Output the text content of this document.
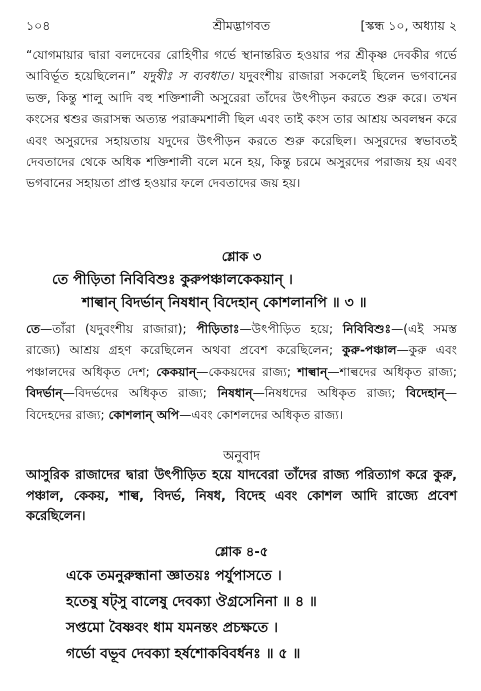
১০৪	শ্রীমদ্ভাগবত	[স্কন্ধ ১০, অধ্যায় ২
“যোগমায়ার দ্বারা বলদেবের রোহিণীর গর্ভে স্থানান্তরিত হওয়ার পর শ্রীকৃষ্ণ দেবকীর গর্ভে আবির্ভূত হয়েছিলেন।” যদুষীঃ স ব্যবধাত। যদুবংশীয় রাজারা সকলেই ছিলেন ভগবানের ভক্ত, কিন্তু শালু আদি বহু শক্তিশালী অসুরেরা তাঁদের উৎপীড়ন করতে শুরু করে। তখন কংসের শ্বশুর জরাসন্ধ অত্যন্ত পরাক্রমশালী ছিল এবং তাই কংস তার আশ্রয় অবলম্বন করে এবং অসুরদের সহায়তায় যদুদের উৎপীড়ন করতে শুরু করেছিল। অসুরদের স্বভাবতই দেবতাদের থেকে অধিক শক্তিশালী বলে মনে হয়, কিন্তু চরমে অসুরদের পরাজয় হয় এবং ভগবানের সহায়তা প্রাপ্ত হওয়ার ফলে দেবতাদের জয় হয়।
শ্লোক ৩
তে পীড়িতা নিবিবিশুঃ কুরুপঞ্চালকেকয়ান্ ।
শাল্বান্ বিদর্ভান্ নিষধান্ বিদেহান্ কোশলানপি ॥ ৩ ॥
তে—তাঁরা (যদুবংশীয় রাজারা); পীড়িতাঃ—উৎপীড়িত হয়ে; নিবিবিশুঃ—(এই সমস্ত রাজ্যে) আশ্রয় গ্রহণ করেছিলেন অথবা প্রবেশ করেছিলেন; কুরু-পঞ্চাল—কুরু এবং পঞ্চালদের অধিকৃত দেশ; কেকয়ান্—কেকয়দের রাজ্য; শাল্বান্—শাল্বদের অধিকৃত রাজ্য; বিদর্ভান্—বিদর্ভদের অধিকৃত রাজ্য; নিষধান্—নিষধদের অধিকৃত রাজ্য; বিদেহান্—বিদেহদের রাজ্য; কোশলান্ অপি—এবং কোশলদের অধিকৃত রাজ্য।
অনুবাদ
আসুরিক রাজাদের দ্বারা উৎপীড়িত হয়ে যাদবেরা তাঁদের রাজ্য পরিত্যাগ করে কুরু, পঞ্চাল, কেকয়, শাল্ব, বিদর্ভ, নিষধ, বিদেহ এবং কোশল আদি রাজ্যে প্রবেশ করেছিলেন।
শ্লোক ৪-৫
একে তমনুরুন্ধানা জ্ঞাতয়ঃ পর্যুপাসতে ।
হতেষু ষট্সু বালেষু দেবক্যা ঔগ্রসেনিনা ॥ ৪ ॥
সপ্তমো বৈষ্ণবং ধাম যমনন্তং প্রচক্ষতে ।
গর্ভো বভূব দেবক্যা হর্ষশোকবিবর্ধনঃ ॥ ৫ ॥
